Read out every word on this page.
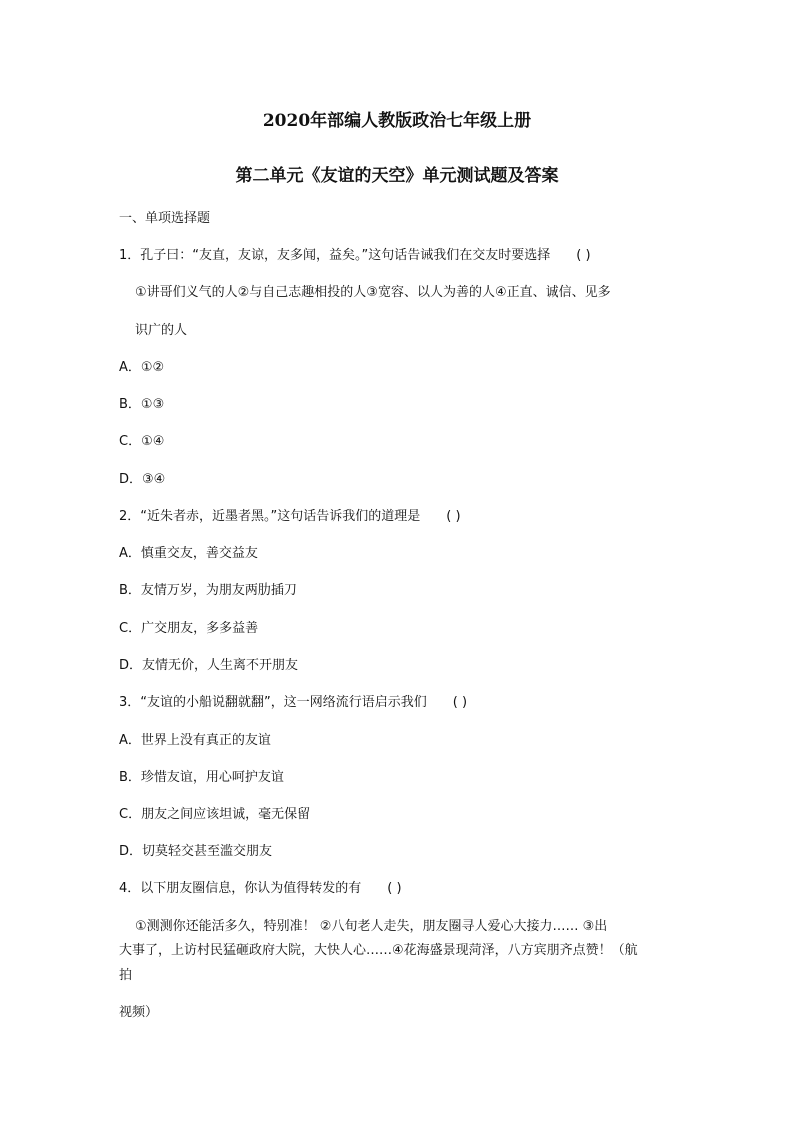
2020年部编人教版政治七年级上册
第二单元《友谊的天空》单元测试题及答案
一、单项选择题
1．孔子曰：“友直，友谅，友多闻，益矣。”这句话告诫我们在交友时要选择 ( )
①讲哥们义气的人②与自己志趣相投的人③宽容、以人为善的人④正直、诚信、见多
识广的人
A．①②
B．①③
C．①④
D．③④
2．“近朱者赤，近墨者黑。”这句话告诉我们的道理是 ( )
A．慎重交友，善交益友
B．友情万岁，为朋友两肋插刀
C．广交朋友，多多益善
D．友情无价，人生离不开朋友
3．“友谊的小船说翻就翻”，这一网络流行语启示我们 ( )
A．世界上没有真正的友谊
B．珍惜友谊，用心呵护友谊
C．朋友之间应该坦诚，毫无保留
D．切莫轻交甚至滥交朋友
4．以下朋友圈信息，你认为值得转发的有 ( )
①测测你还能活多久，特别准！ ②八旬老人走失，朋友圈寻人爱心大接力…… ③出
大事了，上访村民猛砸政府大院，大快人心……④花海盛景现菏泽，八方宾朋齐点赞！（航
拍
视频）
